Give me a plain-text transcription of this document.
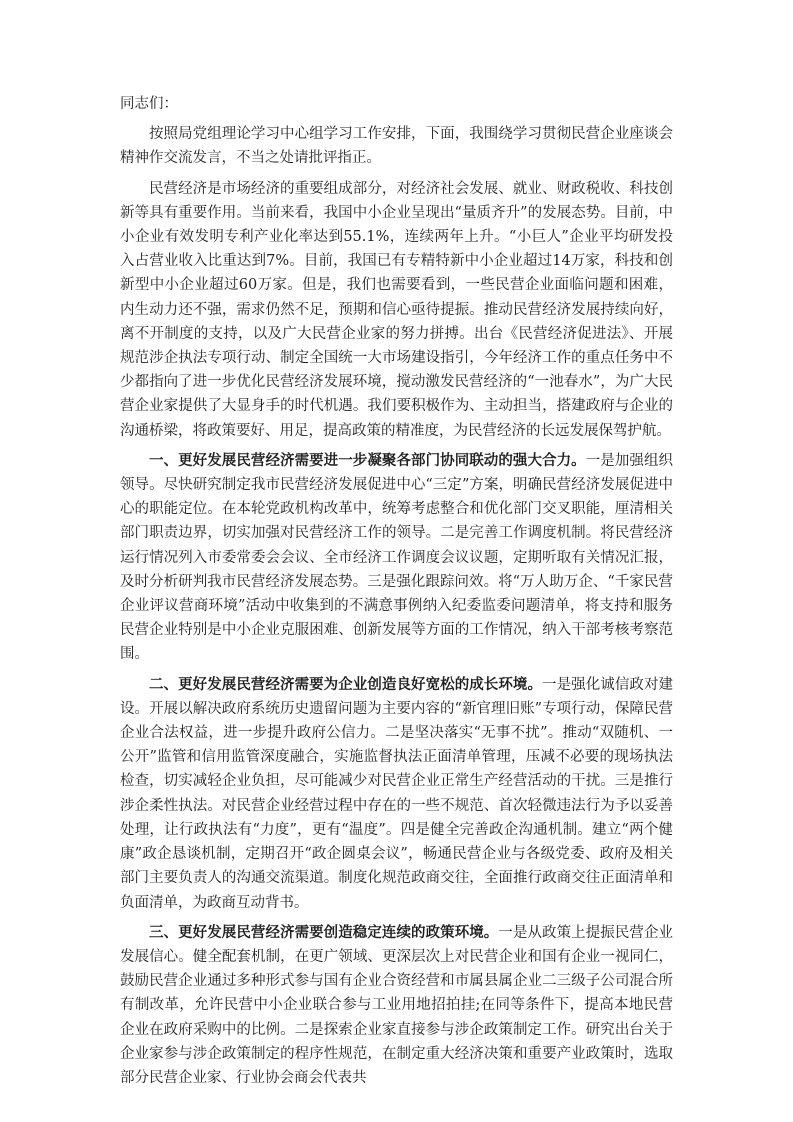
同志们：

按照局党组理论学习中心组学习工作安排，下面，我围绕学习贯彻民营企业座谈会精神作交流发言，不当之处请批评指正。

民营经济是市场经济的重要组成部分，对经济社会发展、就业、财政税收、科技创新等具有重要作用。当前来看，我国中小企业呈现出“量质齐升”的发展态势。目前，中小企业有效发明专利产业化率达到55.1%，连续两年上升。“小巨人”企业平均研发投入占营业收入比重达到7%。目前，我国已有专精特新中小企业超过14万家，科技和创新型中小企业超过60万家。但是，我们也需要看到，一些民营企业面临问题和困难，内生动力还不强，需求仍然不足，预期和信心亟待提振。推动民营经济发展持续向好，离不开制度的支持，以及广大民营企业家的努力拼搏。出台《民营经济促进法》、开展规范涉企执法专项行动、制定全国统一大市场建设指引，今年经济工作的重点任务中不少都指向了进一步优化民营经济发展环境，搅动激发民营经济的“一池春水”，为广大民营企业家提供了大显身手的时代机遇。我们要积极作为、主动担当，搭建政府与企业的沟通桥梁，将政策要好、用足，提高政策的精准度，为民营经济的长远发展保驾护航。

一、更好发展民营经济需要进一步凝聚各部门协同联动的强大合力。一是加强组织领导。尽快研究制定我市民营经济发展促进中心“三定”方案，明确民营经济发展促进中心的职能定位。在本轮党政机构改革中，统筹考虑整合和优化部门交叉职能，厘清相关部门职责边界，切实加强对民营经济工作的领导。二是完善工作调度机制。将民营经济运行情况列入市委常委会会议、全市经济工作调度会议议题，定期听取有关情况汇报，及时分析研判我市民营经济发展态势。三是强化跟踪问效。将“万人助万企、“千家民营企业评议营商环境”活动中收集到的不满意事例纳入纪委监委问题清单，将支持和服务民营企业特别是中小企业克服困难、创新发展等方面的工作情况，纳入干部考核考察范围。

二、更好发展民营经济需要为企业创造良好宽松的成长环境。一是强化诚信政对建设。开展以解决政府系统历史遗留问题为主要内容的“新官理旧账”专项行动，保障民营企业合法权益，进一步提升政府公信力。二是坚决落实“无事不扰”。推动“双随机、一公开”监管和信用监管深度融合，实施监督执法正面清单管理，压减不必要的现场执法检查，切实减轻企业负担，尽可能减少对民营企业正常生产经营活动的干扰。三是推行涉企柔性执法。对民营企业经营过程中存在的一些不规范、首次轻微违法行为予以妥善处理，让行政执法有“力度”，更有“温度”。四是健全完善政企沟通机制。建立“两个健康”政企恳谈机制，定期召开“政企圆桌会议”，畅通民营企业与各级党委、政府及相关部门主要负责人的沟通交流渠道。制度化规范政商交往，全面推行政商交往正面清单和负面清单，为政商互动背书。

三、更好发展民营经济需要创造稳定连续的政策环境。一是从政策上提振民营企业发展信心。健全配套机制，在更广领域、更深层次上对民营企业和国有企业一视同仁，鼓励民营企业通过多种形式参与国有企业合资经营和市属县属企业二三级子公司混合所有制改革，允许民营中小企业联合参与工业用地招拍挂;在同等条件下，提高本地民营企业在政府采购中的比例。二是探索企业家直接参与涉企政策制定工作。研究出台关于企业家参与涉企政策制定的程序性规范，在制定重大经济决策和重要产业政策时，选取部分民营企业家、行业协会商会代表共
